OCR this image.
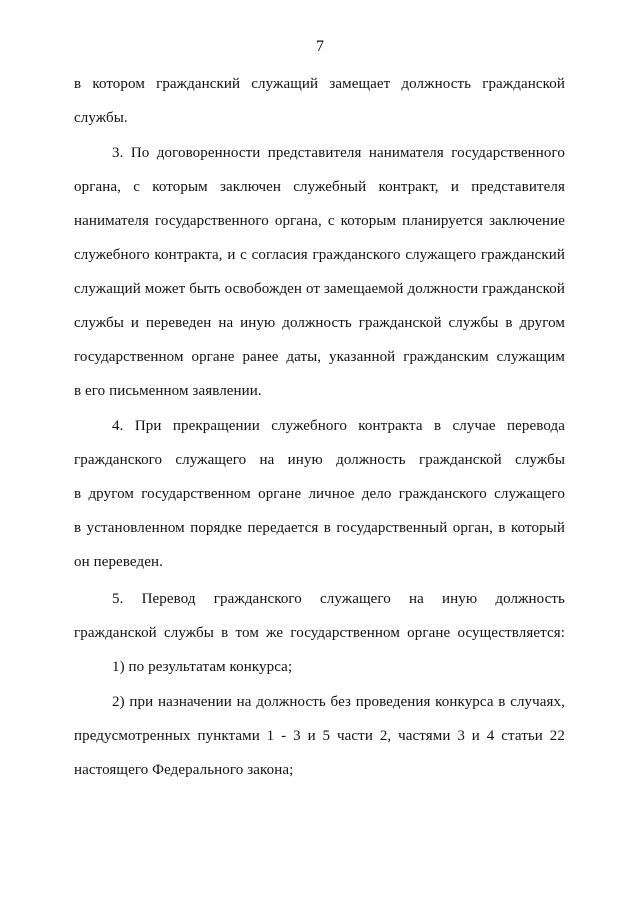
7
в котором гражданский служащий замещает должность гражданской
службы.
3. По договоренности представителя нанимателя государственного
органа, с которым заключен служебный контракт, и представителя
нанимателя государственного органа, с которым планируется заключение
служебного контракта, и с согласия гражданского служащего гражданский
служащий может быть освобожден от замещаемой должности гражданской
службы и переведен на иную должность гражданской службы в другом
государственном органе ранее даты, указанной гражданским служащим
в его письменном заявлении.
4. При прекращении служебного контракта в случае перевода
гражданского служащего на иную должность гражданской службы
в другом государственном органе личное дело гражданского служащего
в установленном порядке передается в государственный орган, в который
он переведен.
5. Перевод гражданского служащего на иную должность
гражданской службы в том же государственном органе осуществляется:
1) по результатам конкурса;
2) при назначении на должность без проведения конкурса в случаях,
предусмотренных пунктами 1 - 3 и 5 части 2, частями 3 и 4 статьи 22
настоящего Федерального закона;
